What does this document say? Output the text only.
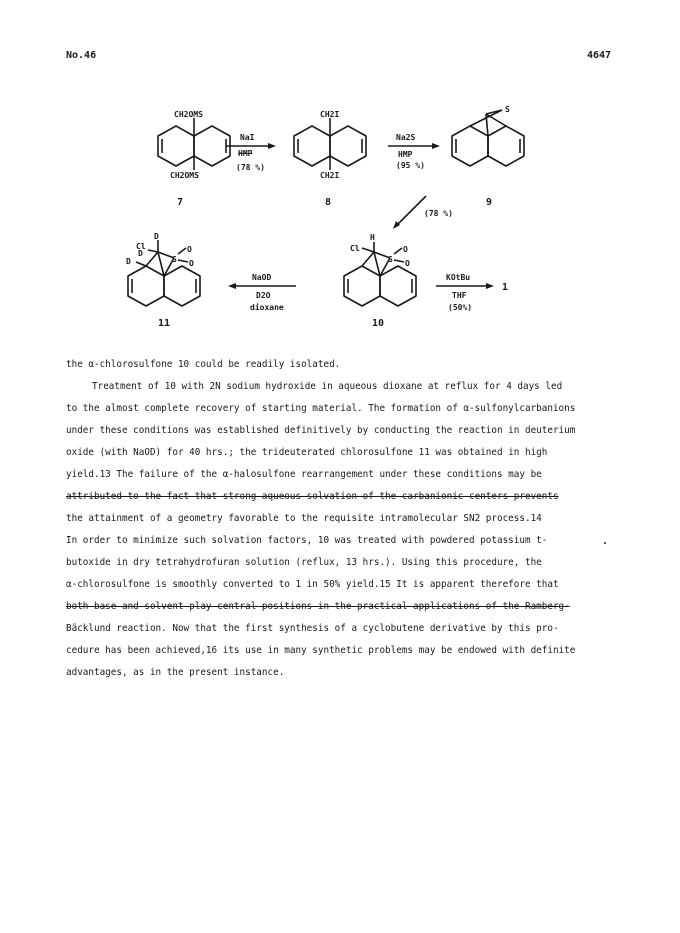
No.46	4647
CH2OMS
CH2OMS
7
NaI
HMP
(78 %)
CH2I
CH2I
8
Na2S
HMP
(95 %)
S
9
(78 %)
H
Cl
S
O
O
10
NaOD
D2O
dioxane
D
Cl
D
D	S
O
O
11
KOtBu
THF
(50%)
1

the α-chlorosulfone 10 could be readily isolated.

Treatment of 10 with 2N sodium hydroxide in aqueous dioxane at reflux for 4 days led

to the almost complete recovery of starting material. The formation of α-sulfonylcarbanions

under these conditions was established definitively by conducting the reaction in deuterium

oxide (with NaOD) for 40 hrs.; the trideuterated chlorosulfone 11 was obtained in high

yield.13 The failure of the α-halosulfone rearrangement under these conditions may be

attributed to the fact that strong aqueous solvation of the carbanionic centers prevents

the attainment of a geometry favorable to the requisite intramolecular SN2 process.14

In order to minimize such solvation factors, 10 was treated with powdered potassium t-

butoxide in dry tetrahydrofuran solution (reflux, 13 hrs.). Using this procedure, the

α-chlorosulfone is smoothly converted to 1 in 50% yield.15 It is apparent therefore that

both base and solvent play central positions in the practical applications of the Ramberg-

Bäcklund reaction. Now that the first synthesis of a cyclobutene derivative by this pro-

cedure has been achieved,16 its use in many synthetic problems may be endowed with definite

advantages, as in the present instance.
